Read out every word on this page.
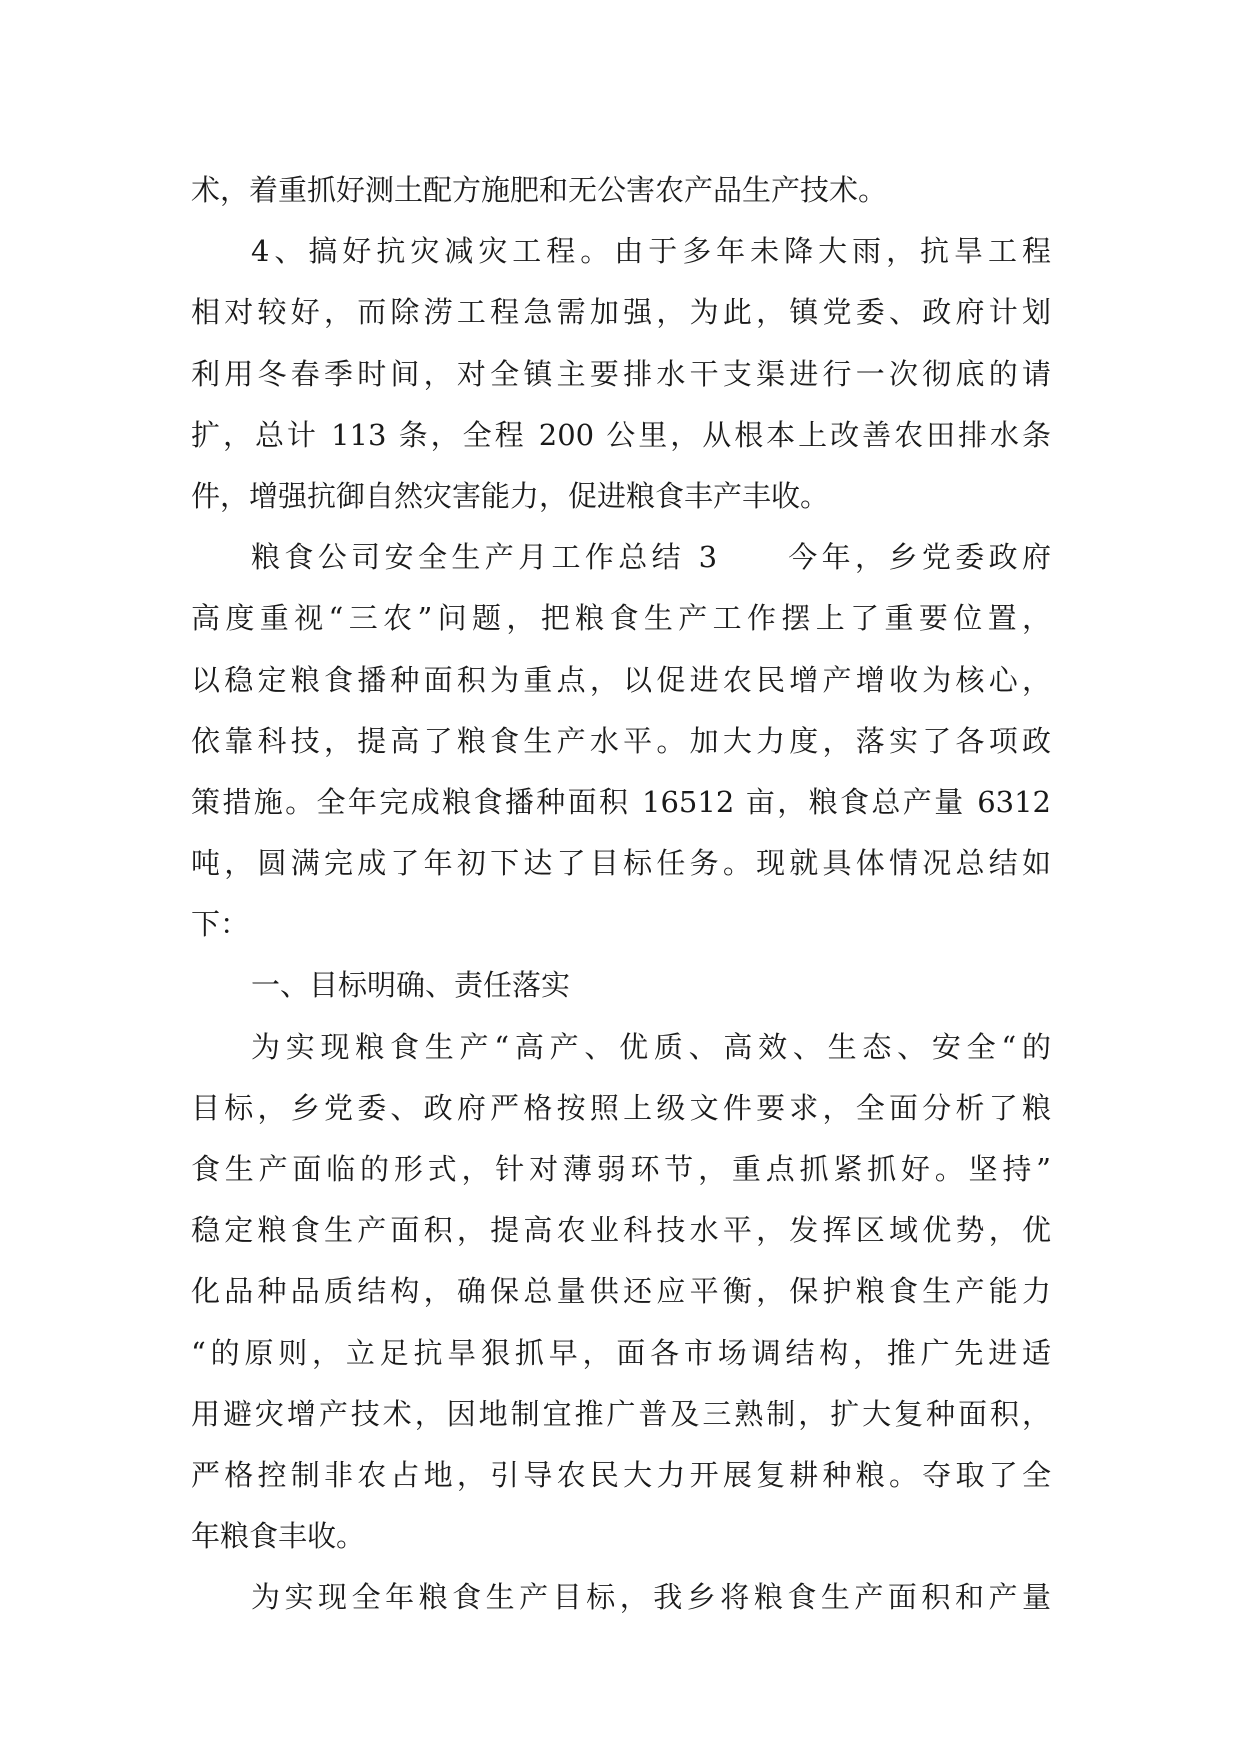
术，着重抓好测土配方施肥和无公害农产品生产技术。
4、搞好抗灾减灾工程。由于多年未降大雨，抗旱工程
相对较好，而除涝工程急需加强，为此，镇党委、政府计划
利用冬春季时间，对全镇主要排水干支渠进行一次彻底的请
扩，总计 113 条，全程 200 公里，从根本上改善农田排水条
件，增强抗御自然灾害能力，促进粮食丰产丰收。
粮食公司安全生产月工作总结 3　　今年，乡党委政府
高度重视“三农”问题，把粮食生产工作摆上了重要位置，
以稳定粮食播种面积为重点，以促进农民增产增收为核心，
依靠科技，提高了粮食生产水平。加大力度，落实了各项政
策措施。全年完成粮食播种面积 16512 亩，粮食总产量 6312
吨，圆满完成了年初下达了目标任务。现就具体情况总结如
下：
一、目标明确、责任落实
为实现粮食生产“高产、优质、高效、生态、安全“的
目标，乡党委、政府严格按照上级文件要求，全面分析了粮
食生产面临的形式，针对薄弱环节，重点抓紧抓好。坚持”
稳定粮食生产面积，提高农业科技水平，发挥区域优势，优
化品种品质结构，确保总量供还应平衡，保护粮食生产能力
“的原则，立足抗旱狠抓早，面各市场调结构，推广先进适
用避灾增产技术，因地制宜推广普及三熟制，扩大复种面积，
严格控制非农占地，引导农民大力开展复耕种粮。夺取了全
年粮食丰收。
为实现全年粮食生产目标，我乡将粮食生产面积和产量
